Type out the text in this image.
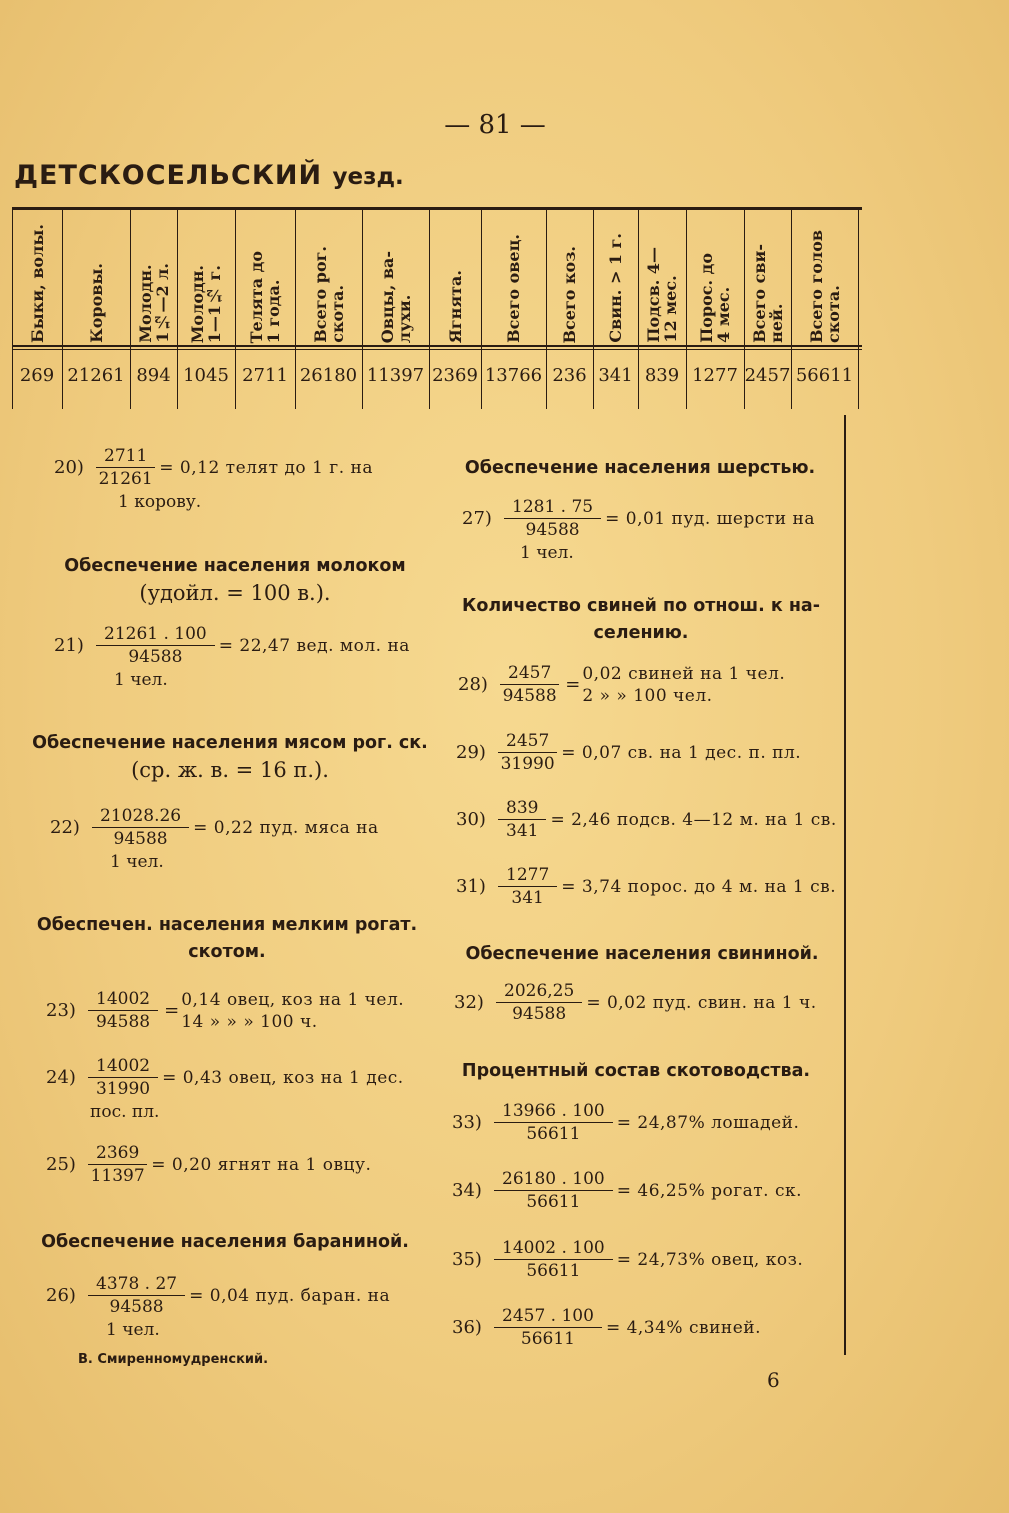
— 81 —
ДЕТСКОСЕЛЬСКИЙ уезд.
Быки, волы.
269
Коровы.
21261
Молодн.
1½—2 л.
894
Молодн.
1—1½ г.
1045
Телята до
1 года.
2711
Всего рог.
скота.
26180
Овцы, ва-
лухи.
11397
Ягнята.
2369
Всего овец.
13766
Всего коз.
236
Свин. > 1 г.
341
Подсв. 4—
12 мес.
839
Порос. до
4 мес.
1277
Всего сви-
ней.
2457
Всего голов
скота.
56611
$20) \frac{2711}{21261} = 0,12$ телят до 1 г. на
1 корову.
Обеспечение населения молоком
(удойл. = 100 в.).
$21) \frac{21261 . 100}{94588} = 22,47$ вед. мол. на
1 чел.
Обеспечение населения мясом рог. ск.
(ср. ж. в. = 16 п.).
$22) \frac{21028.26}{94588} = 0,22$ пуд. мяса на
1 чел.
Обеспечен. населения мелким рогат.
скотом.
$23) \frac{14002}{94588}$ =
0,14 овец, коз на 1 чел.
14 » » » 100 ч.
$24) \frac{14002}{31990} = 0,43$ овец, коз на 1 дес.
пос. пл.
$25) \frac{2369}{11397} = 0,20$ ягнят на 1 овцу.
Обеспечение населения бараниной.
$26) \frac{4378 . 27}{94588} = 0,04$ пуд. баран. на
1 чел.
В. Смиренномудренский.
Обеспечение населения шерстью.
$27) \frac{1281 . 75}{94588} = 0,01$ пуд. шерсти на
1 чел.
Количество свиней по отнош. к на-
селению.
$28) \frac{2457}{94588}$ =
0,02 свиней на 1 чел.
2 » » 100 чел.
$29) \frac{2457}{31990} = 0,07$ св. на 1 дес. п. пл.
$30) \frac{839}{341} = 2,46$ подсв. 4—12 м. на 1 св.
$31) \frac{1277}{341} = 3,74$ порос. до 4 м. на 1 св.
Обеспечение населения свининой.
$32) \frac{2026,25}{94588} = 0,02$ пуд. свин. на 1 ч.
Процентный состав скотоводства.
$33) \frac{13966 . 100}{56611} = 24,87\%$ лошадей.
$34) \frac{26180 . 100}{56611} = 46,25\%$ рогат. ск.
$35) \frac{14002 . 100}{56611} = 24,73\%$ овец, коз.
$36) \frac{2457 . 100}{56611} = 4,34\%$ свиней.
6
